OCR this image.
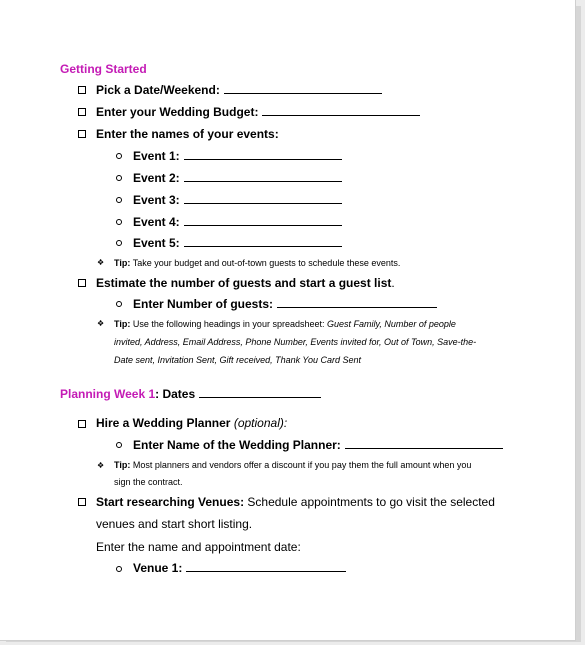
Getting Started
Pick a Date/Weekend:
Enter your Wedding Budget:
Enter the names of your events:
Event 1:
Event 2:
Event 3:
Event 4:
Event 5:
❖ Tip: Take your budget and out-of-town guests to schedule these events.
Estimate the number of guests and start a guest list.
Enter Number of guests:
❖ Tip: Use the following headings in your spreadsheet: Guest Family, Number of people
invited, Address, Email Address, Phone Number, Events invited for, Out of Town, Save-the-
Date sent, Invitation Sent, Gift received, Thank You Card Sent
Planning Week 1: Dates
Hire a Wedding Planner (optional):
Enter Name of the Wedding Planner:
❖ Tip: Most planners and vendors offer a discount if you pay them the full amount when you
sign the contract.
Start researching Venues: Schedule appointments to go visit the selected
venues and start short listing.
Enter the name and appointment date:
Venue 1:
